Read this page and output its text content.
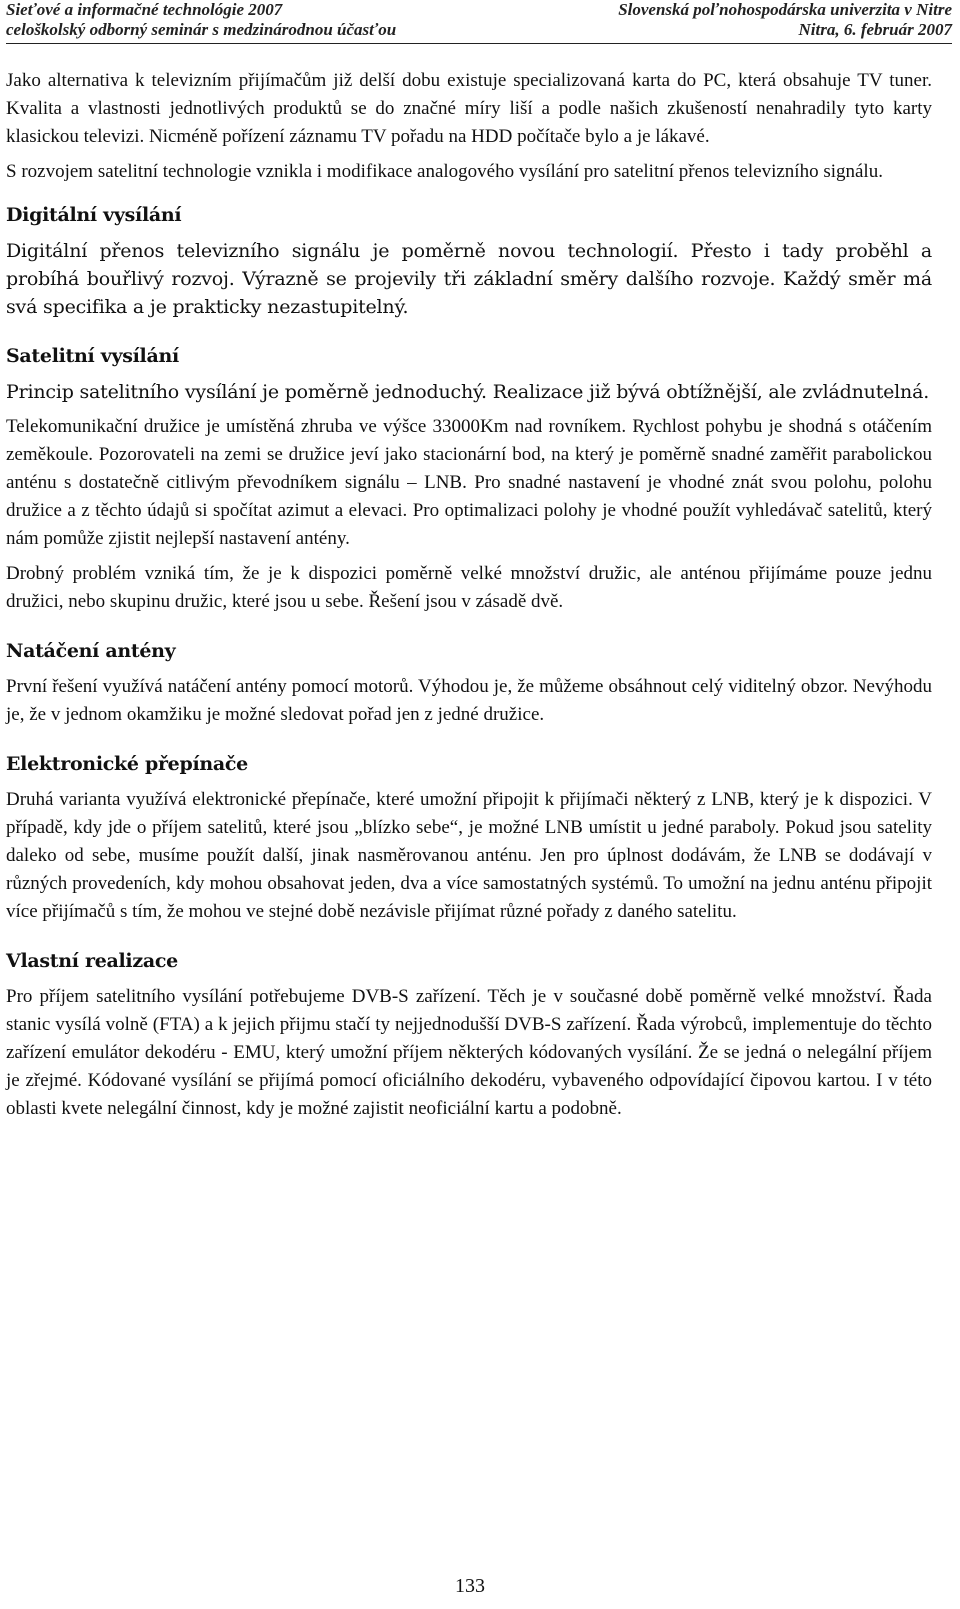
Sieťové a informačné technológie 2007	Slovenská poľnohospodárska univerzita v Nitre
celoškolský odborný seminár s medzinárodnou účasťou	Nitra, 6. február 2007

Jako alternativa k televizním přijímačům již delší dobu existuje specializovaná karta do PC, která obsahuje TV tuner. Kvalita a vlastnosti jednotlivých produktů se do značné míry liší a podle našich zkušeností nenahradily tyto karty klasickou televizi. Nicméně pořízení záznamu TV pořadu na HDD počítače bylo a je lákavé.

S rozvojem satelitní technologie vznikla i modifikace analogového vysílání pro satelitní přenos televizního signálu.

Digitální vysílání

Digitální přenos televizního signálu je poměrně novou technologií. Přesto i tady proběhl a probíhá bouřlivý rozvoj. Výrazně se projevily tři základní směry dalšího rozvoje. Každý směr má svá specifika a je prakticky nezastupitelný.

Satelitní vysílání

Princip satelitního vysílání je poměrně jednoduchý. Realizace již bývá obtížnější, ale zvládnutelná.

Telekomunikační družice je umístěná zhruba ve výšce 33000Km nad rovníkem. Rychlost pohybu je shodná s otáčením zeměkoule. Pozorovateli na zemi se družice jeví jako stacionární bod, na který je poměrně snadné zaměřit parabolickou anténu s dostatečně citlivým převodníkem signálu – LNB. Pro snadné nastavení je vhodné znát svou polohu, polohu družice a z těchto údajů si spočítat azimut a elevaci. Pro optimalizaci polohy je vhodné použít vyhledávač satelitů, který nám pomůže zjistit nejlepší nastavení antény.

Drobný problém vzniká tím, že je k dispozici poměrně velké množství družic, ale anténou přijímáme pouze jednu družici, nebo skupinu družic, které jsou u sebe. Řešení jsou v zásadě dvě.

Natáčení antény

První řešení využívá natáčení antény pomocí motorů. Výhodou je, že můžeme obsáhnout celý viditelný obzor. Nevýhodu je, že v jednom okamžiku je možné sledovat pořad jen z jedné družice.

Elektronické přepínače

Druhá varianta využívá elektronické přepínače, které umožní připojit k přijímači některý z LNB, který je k dispozici. V případě, kdy jde o příjem satelitů, které jsou „blízko sebe“, je možné LNB umístit u jedné paraboly. Pokud jsou satelity daleko od sebe, musíme použít další, jinak nasměrovanou anténu. Jen pro úplnost dodávám, že LNB se dodávají v různých provedeních, kdy mohou obsahovat jeden, dva a více samostatných systémů. To umožní na jednu anténu připojit více přijímačů s tím, že mohou ve stejné době nezávisle přijímat různé pořady z daného satelitu.

Vlastní realizace

Pro příjem satelitního vysílání potřebujeme DVB-S zařízení. Těch je v současné době poměrně velké množství. Řada stanic vysílá volně (FTA) a k jejich přijmu stačí ty nejjednodušší DVB-S zařízení. Řada výrobců, implementuje do těchto zařízení emulátor dekodéru - EMU, který umožní příjem některých kódovaných vysílání. Že se jedná o nelegální příjem je zřejmé. Kódované vysílání se přijímá pomocí oficiálního dekodéru, vybaveného odpovídající čipovou kartou. I v této oblasti kvete nelegální činnost, kdy je možné zajistit neoficiální kartu a podobně.

133
